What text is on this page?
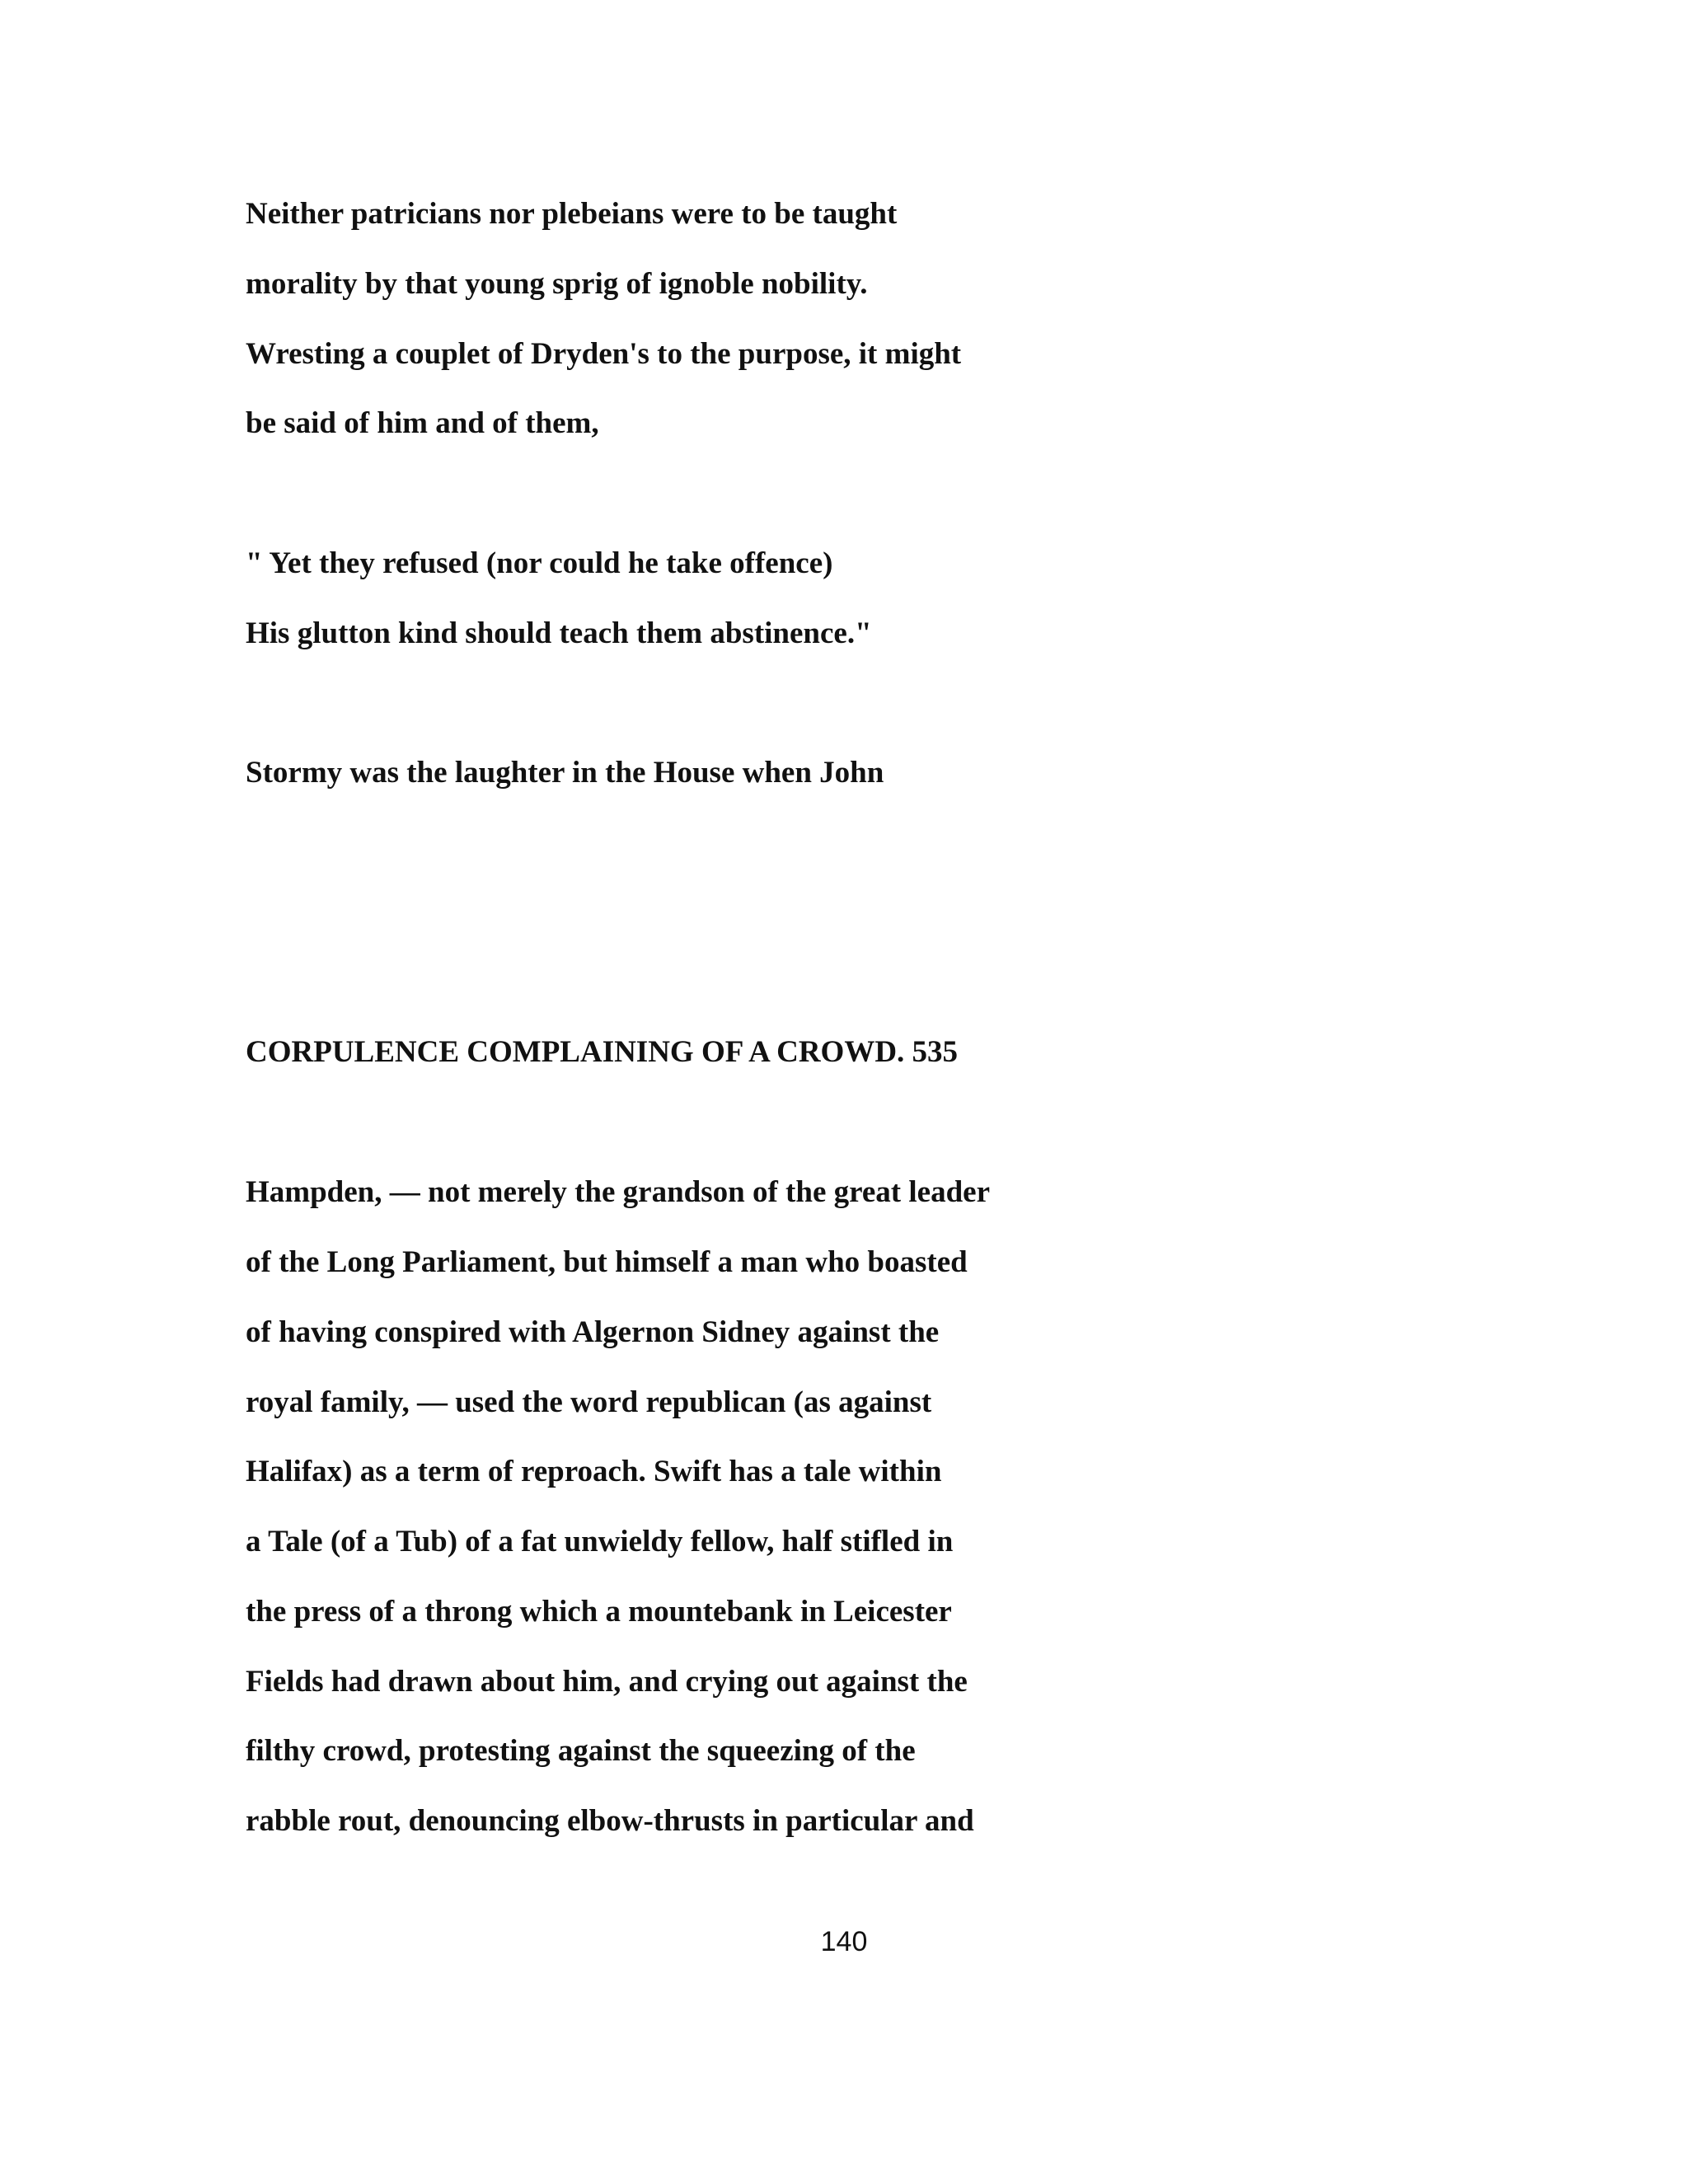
Neither patricians nor plebeians were to be taught

morality by that young sprig of ignoble nobility.

Wresting a couplet of Dryden's to the purpose, it might

be said of him and of them,

" Yet they refused (nor could he take offence)

His glutton kind should teach them abstinence."

Stormy was the laughter in the House when John

CORPULENCE COMPLAINING OF A CROWD. 535

Hampden, — not merely the grandson of the great leader

of the Long Parliament, but himself a man who boasted

of having conspired with Algernon Sidney against the

royal family, — used the word republican (as against

Halifax) as a term of reproach. Swift has a tale within

a Tale (of a Tub) of a fat unwieldy fellow, half stifled in

the press of a throng which a mountebank in Leicester

Fields had drawn about him, and crying out against the

filthy crowd, protesting against the squeezing of the

rabble rout, denouncing elbow-thrusts in particular and

140
